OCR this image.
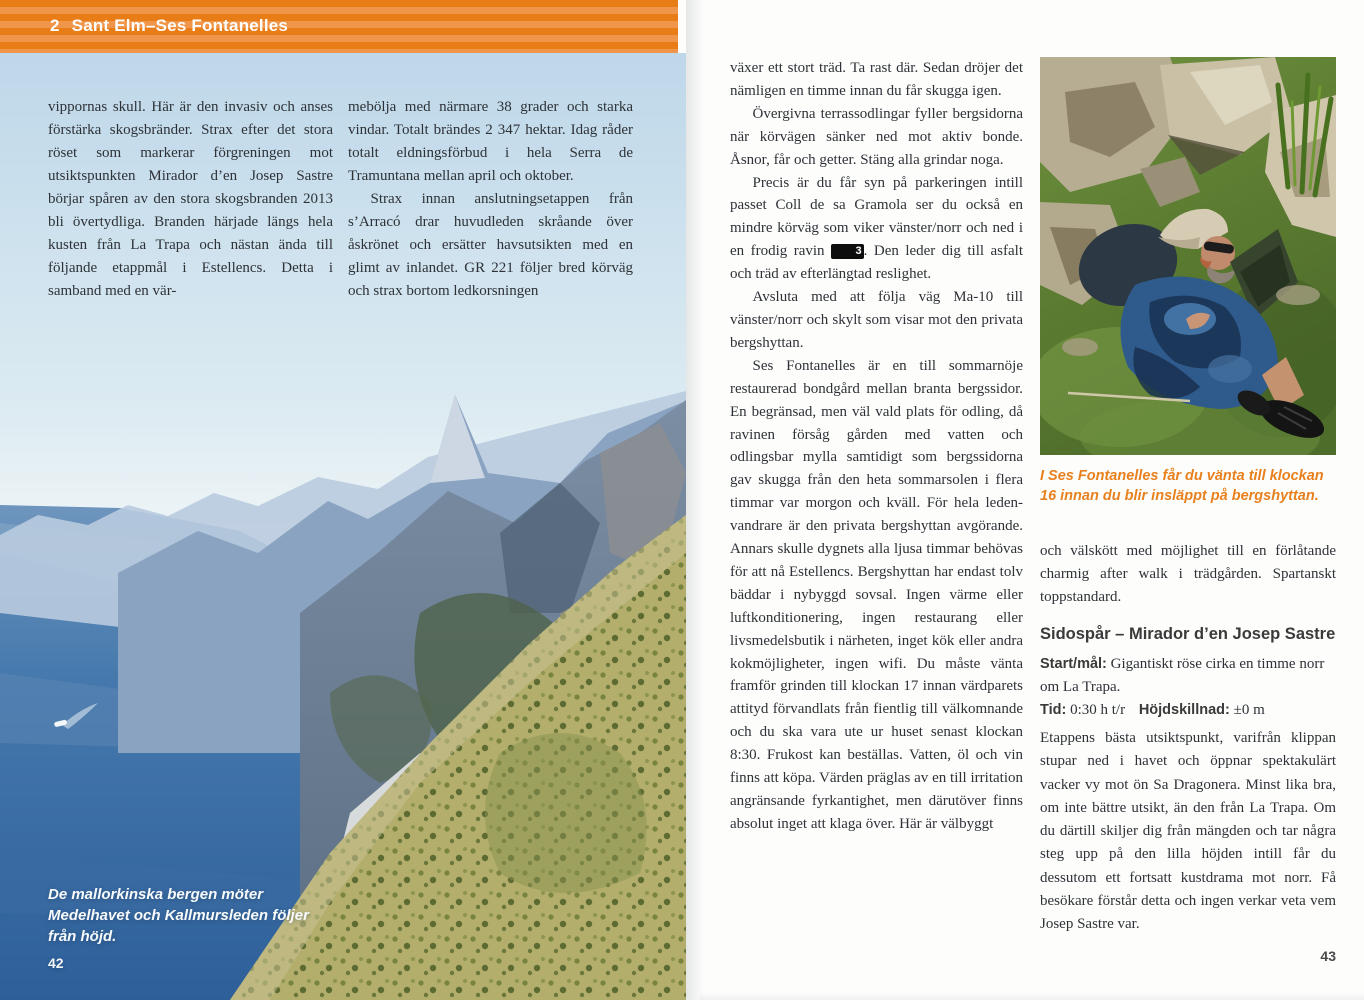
vippornas skull. Här är den invasiv och anses förstärka skogsbränder. Strax efter det stora röset som markerar förgreningen mot utsiktspunkten Mirador d’en Josep Sastre börjar spåren av den stora skogsbranden 2013 bli övertydliga. Branden härjade längs hela kusten från La Trapa och nästan ända till följande etappmål i Estellencs. Detta i samband med en vär-
mebölja med närmare 38 grader och starka vindar. Totalt brändes 2 347 hektar. Idag råder totalt eldningsförbud i hela Serra de Tramuntana mellan april och oktober.
Strax innan anslutningsetappen från s’Arracó drar huvudleden skråande över åskrönet och ersätter havsutsikten med en glimt av inlandet. GR 221 följer bred körväg och strax bortom ledkorsningen
De mallorkinska bergen möter Medelhavet och Kallmursleden följer från höjd.
42
2 Sant Elm–Ses Fontanelles
växer ett stort träd. Ta rast där. Sedan dröjer det nämligen en timme innan du får skugga igen.
Övergivna terrassodlingar fyller bergsidorna när körvägen sänker ned mot aktiv bonde. Åsnor, får och getter. Stäng alla grindar noga.
Precis är du får syn på parkeringen intill passet Coll de sa Gramola ser du också en mindre körväg som viker vänster/norr och ned i en frodig ravin 3 . Den leder dig till asfalt och träd av efterlängtad reslighet.
Avsluta med att följa väg Ma-10 till vänster/norr och skylt som visar mot den privata bergshyttan.
Ses Fontanelles är en till sommarnöje restaurerad bondgård mellan branta bergssidor. En begränsad, men väl vald plats för odling, då ravinen försåg gården med vatten och odlingsbar mylla samtidigt som bergssidorna gav skugga från den heta sommarsolen i flera timmar var morgon och kväll. För hela leden-vandrare är den privata bergshyttan avgörande. Annars skulle dygnets alla ljusa timmar behövas för att nå Estellencs. Bergshyttan har endast tolv bäddar i nybyggd sovsal. Ingen värme eller luftkonditionering, ingen restaurang eller livsmedelsbutik i närheten, inget kök eller andra kokmöjligheter, ingen wifi. Du måste vänta framför grinden till klockan 17 innan värdparets attityd förvandlats från fientlig till välkomnande och du ska vara ute ur huset senast klockan 8:30. Frukost kan beställas. Vatten, öl och vin finns att köpa. Värden präglas av en till irritation angränsande fyrkantighet, men därutöver finns absolut inget att klaga över. Här är välbyggt
I Ses Fontanelles får du vänta till klockan 16 innan du blir insläppt på bergshyttan.
och välskött med möjlighet till en förlåtande charmig after walk i trädgården. Spartanskt toppstandard.
Sidospår – Mirador d’en Josep Sastre
Start/mål: Gigantiskt röse cirka en timme norr om La Trapa.
Tid: 0:30 h t/r Höjdskillnad: ±0 m
Etappens bästa utsiktspunkt, varifrån klippan stupar ned i havet och öppnar spektakulärt vacker vy mot ön Sa Dragonera. Minst lika bra, om inte bättre utsikt, än den från La Trapa. Om du därtill skiljer dig från mängden och tar några steg upp på den lilla höjden intill får du dessutom ett fortsatt kustdrama mot norr. Få besökare förstår detta och ingen verkar veta vem Josep Sastre var.
43
